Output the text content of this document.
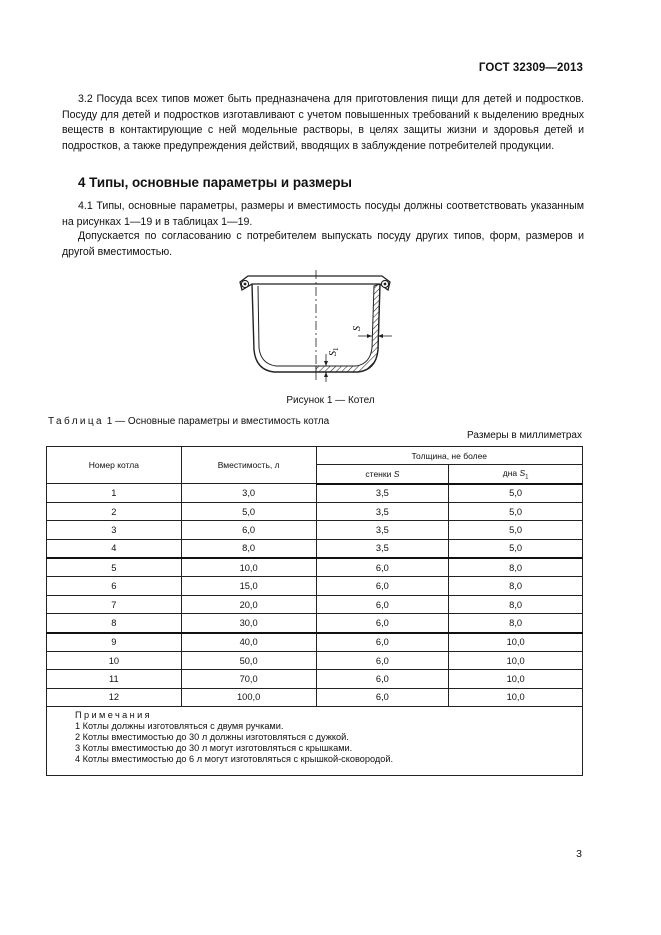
ГОСТ 32309—2013

3.2 Посуда всех типов может быть предназначена для приготовления пищи для детей и подростков. Посуду для детей и подростков изготавливают с учетом повышенных требований к выделению вредных веществ в контактирующие с ней модельные растворы, в целях защиты жизни и здоровья детей и подростков, а также предупреждения действий, вводящих в заблуждение потребителей продукции.

4 Типы, основные параметры и размеры

4.1 Типы, основные параметры, размеры и вместимость посуды должны соответствовать указанным на рисунках 1—19 и в таблицах 1—19.

Допускается по согласованию с потребителем выпускать посуду других типов, форм, размеров и другой вместимостью.

S
$S_1$
Рисунок 1 — Котел
Таблица 1 — Основные параметры и вместимость котла
Размеры в миллиметрах
Номер котла	Вместимость, л	Толщина, не более	
		стенки S	дна $S_1$
1	3,0	3,5	5,0
2	5,0	3,5	5,0
3	6,0	3,5	5,0
4	8,0	3,5	5,0
5	10,0	6,0	8,0
6	15,0	6,0	8,0
7	20,0	6,0	8,0
8	30,0	6,0	8,0
9	40,0	6,0	10,0
10	50,0	6,0	10,0
11	70,0	6,0	10,0
12	100,0	6,0	10,0

Примечания
1 Котлы должны изготовляться с двумя ручками.
2 Котлы вместимостью до 30 л должны изготовляться с дужкой.
3 Котлы вместимостью до 30 л могут изготовляться с крышками.
4 Котлы вместимостью до 6 л могут изготовляться с крышкой-сковородой.			
3
